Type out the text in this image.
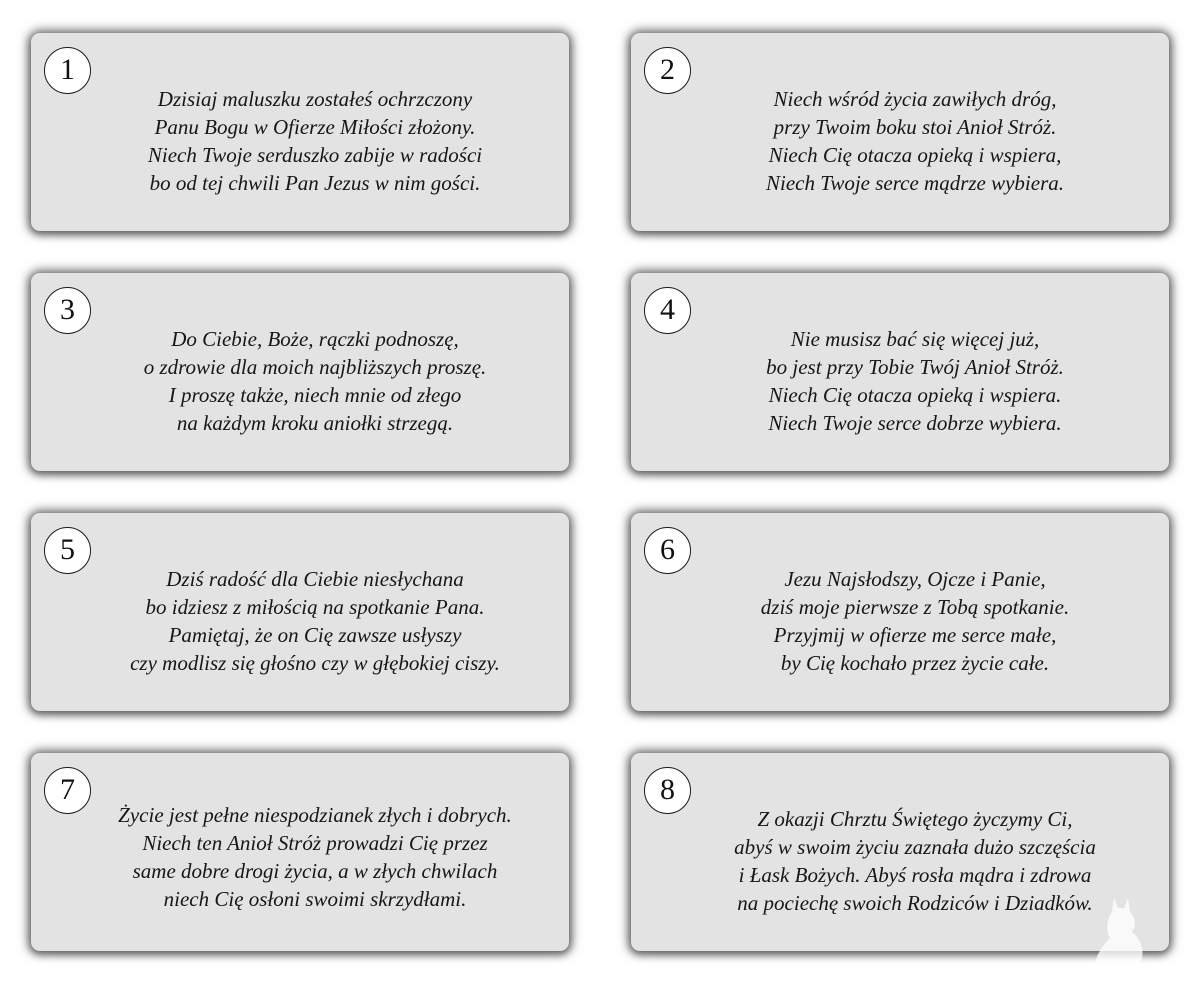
1
Dzisiaj maluszku zostałeś ochrzczony
Panu Bogu w Ofierze Miłości złożony.
Niech Twoje serduszko zabije w radości
bo od tej chwili Pan Jezus w nim gości.
2
Niech wśród życia zawiłych dróg,
przy Twoim boku stoi Anioł Stróż.
Niech Cię otacza opieką i wspiera,
Niech Twoje serce mądrze wybiera.
3
Do Ciebie, Boże, rączki podnoszę,
o zdrowie dla moich najbliższych proszę.
I proszę także, niech mnie od złego
na każdym kroku aniołki strzegą.
4
Nie musisz bać się więcej już,
bo jest przy Tobie Twój Anioł Stróż.
Niech Cię otacza opieką i wspiera.
Niech Twoje serce dobrze wybiera.
5
Dziś radość dla Ciebie niesłychana
bo idziesz z miłością na spotkanie Pana.
Pamiętaj, że on Cię zawsze usłyszy
czy modlisz się głośno czy w głębokiej ciszy.
6
Jezu Najsłodszy, Ojcze i Panie,
dziś moje pierwsze z Tobą spotkanie.
Przyjmij w ofierze me serce małe,
by Cię kochało przez życie całe.
7
Życie jest pełne niespodzianek złych i dobrych.
Niech ten Anioł Stróż prowadzi Cię przez
same dobre drogi życia, a w złych chwilach
niech Cię osłoni swoimi skrzydłami.
8
Z okazji Chrztu Świętego życzymy Ci,
abyś w swoim życiu zaznała dużo szczęścia
i Łask Bożych. Abyś rosła mądra i zdrowa
na pociechę swoich Rodziców i Dziadków.
BUBAKLARA
